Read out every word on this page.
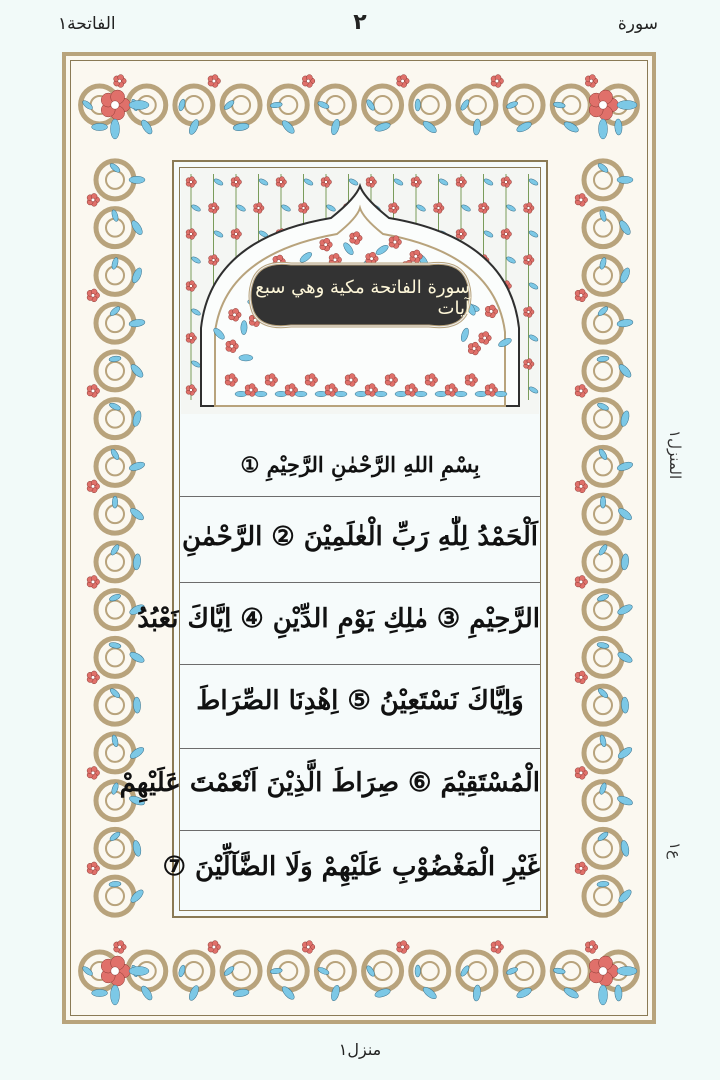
الفاتحة١	٢	سورة
سورة الفاتحة مكية وهي سبع آيات
بِسْمِ اللهِ الرَّحْمٰنِ الرَّحِيْمِ ①
اَلْحَمْدُ لِلّٰهِ رَبِّ الْعٰلَمِيْنَ ② الرَّحْمٰنِ
الرَّحِيْمِ ③ مٰلِكِ يَوْمِ الدِّيْنِ ④ اِيَّاكَ نَعْبُدُ
وَاِيَّاكَ نَسْتَعِيْنُ ⑤ اِهْدِنَا الصِّرَاطَ
الْمُسْتَقِيْمَ ⑥ صِرَاطَ الَّذِيْنَ اَنْعَمْتَ عَلَيْهِمْ
غَيْرِ الْمَغْضُوْبِ عَلَيْهِمْ وَلَا الضَّآلِّيْنَ ⑦
المنزل١
ع١
منزل١
